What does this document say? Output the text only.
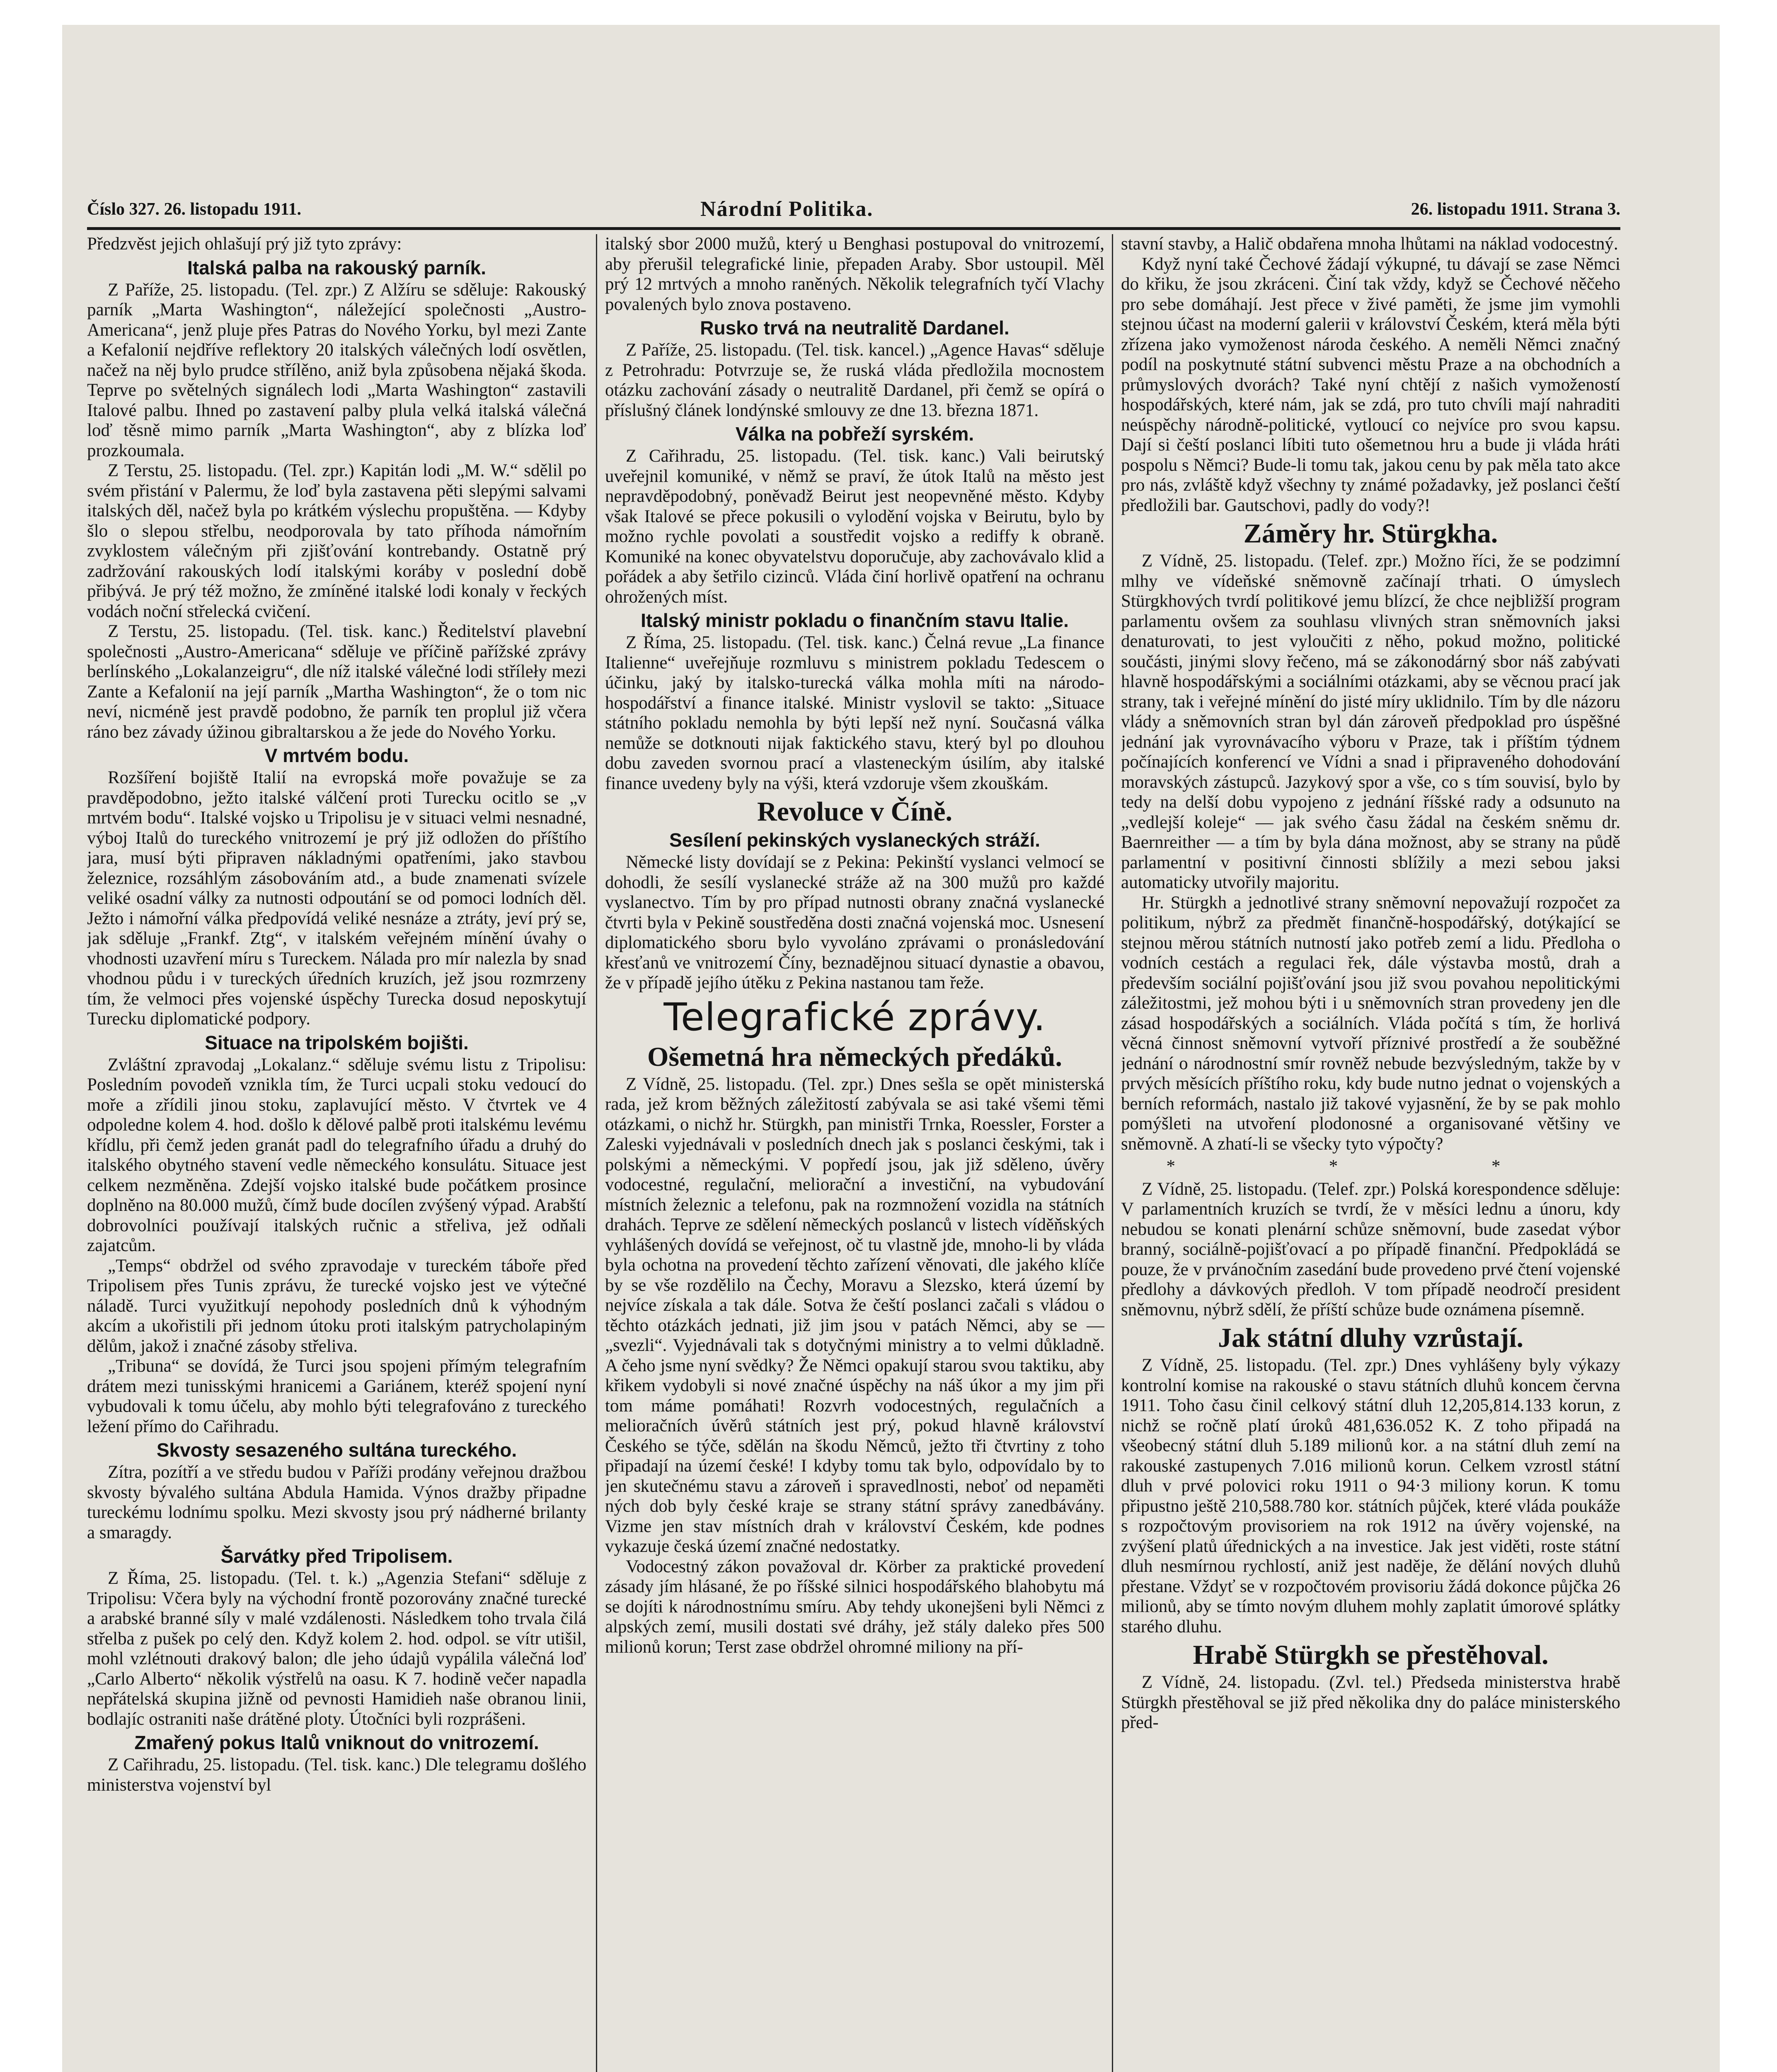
Číslo 327. 26. listopadu 1911.	Národní Politika.	26. listopadu 1911. Strana 3.

Předzvěst jejich ohlašují prý již tyto zprávy:

Italská palba na rakouský parník.

Z Paříže, 25. listopadu. (Tel. zpr.) Z Alžíru se sděluje: Rakouský parník „Marta Washington“, náležející společnosti „Austro-Americana“, jenž pluje přes Patras do Nového Yorku, byl mezi Zante a Kefalonií nejdříve reflektory 20 italských válečných lodí osvětlen, načež na něj bylo prudce střílěno, aniž byla způsobena nějaká škoda. Teprve po světelných signálech lodi „Marta Washington“ zastavili Italové palbu. Ihned po zastavení palby plula velká italská válečná loď těsně mimo parník „Marta Washington“, aby z blízka loď prozkoumala.

Z Terstu, 25. listopadu. (Tel. zpr.) Kapitán lodi „M. W.“ sdělil po svém přistání v Palermu, že loď byla zastavena pěti slepými salvami italských děl, načež byla po krátkém výslechu propuštěna. — Kdyby šlo o slepou střelbu, neodporovala by tato příhoda námořním zvyklostem válečným při zjišťování kontrebandy. Ostatně prý zadržování rakouských lodí italskými koráby v poslední době přibývá. Je prý též možno, že zmíněné italské lodi konaly v řeckých vodách noční střelecká cvičení.

Z Terstu, 25. listopadu. (Tel. tisk. kanc.) Ředitelství plavební společnosti „Austro-Americana“ sděluje ve příčině pařížské zprávy berlínského „Lokalanzeigru“, dle níž italské válečné lodi stříleły mezi Zante a Kefalonií na její parník „Martha Washington“, že o tom nic neví, nicméně jest pravdě podobno, že parník ten proplul již včera ráno bez závady úžinou gibraltarskou a že jede do Nového Yorku.

V mrtvém bodu.

Rozšíření bojiště Italií na evropská moře považuje se za pravděpodobno, ježto italské válčení proti Turecku ocitlo se „v mrtvém bodu“. Italské vojsko u Tripolisu je v situaci velmi nesnadné, výboj Italů do tureckého vnitrozemí je prý již odložen do příštího jara, musí býti připraven nákladnými opatřeními, jako stavbou železnice, rozsáhlým zásobováním atd., a bude znamenati svízele veliké osadní války za nutnosti odpoutání se od pomoci lodních děl. Ježto i námořní válka předpovídá veliké nesnáze a ztráty, jeví prý se, jak sděluje „Frankf. Ztg“, v italském veřejném mínění úvahy o vhodnosti uzavření míru s Tureckem. Nálada pro mír nalezla by snad vhodnou půdu i v tureckých úředních kruzích, jež jsou rozmrzeny tím, že velmoci přes vojenské úspěchy Turecka dosud neposkytují Turecku diplomatické podpory.

Situace na tripolském bojišti.

Zvláštní zpravodaj „Lokalanz.“ sděluje svému listu z Tripolisu: Posledním povodeň vznikla tím, že Turci ucpali stoku vedoucí do moře a zřídili jinou stoku, zaplavující město. V čtvrtek ve 4 odpoledne kolem 4. hod. došlo k dělové palbě proti italskému levému křídlu, při čemž jeden granát padl do telegrafního úřadu a druhý do italského obytného stavení vedle německého konsulátu. Situace jest celkem nezměněna. Zdejší vojsko italské bude počátkem prosince doplněno na 80.000 mužů, čímž bude docílen zvýšený výpad. Arabští dobrovolníci používají italských ručnic a střeliva, jež odňali zajatcům.

„Temps“ obdržel od svého zpravodaje v tureckém táboře před Tripolisem přes Tunis zprávu, že turecké vojsko jest ve výtečné náladě. Turci využitkují nepohody posledních dnů k výhodným akcím a ukořistili při jednom útoku proti italským patrycholapiným dělům, jakož i značné zásoby střeliva.

„Tribuna“ se dovídá, že Turci jsou spojeni přímým telegrafním drátem mezi tunisskými hranicemi a Gariánem, kteréž spojení nyní vybudovali k tomu účelu, aby mohlo býti telegrafováno z tureckého ležení přímo do Cařihradu.

Skvosty sesazeného sultána tureckého.

Zítra, pozítří a ve středu budou v Paříži prodány veřejnou dražbou skvosty bývalého sultána Abdula Hamida. Výnos dražby připadne tureckému lodnímu spolku. Mezi skvosty jsou prý nádherné brilanty a smaragdy.

Šarvátky před Tripolisem.

Z Říma, 25. listopadu. (Tel. t. k.) „Agenzia Stefani“ sděluje z Tripolisu: Včera byly na východní frontě pozorovány značné turecké a arabské branné síly v malé vzdálenosti. Následkem toho trvala čilá střelba z pušek po celý den. Když kolem 2. hod. odpol. se vítr utišil, mohl vzlétnouti drakový balon; dle jeho údajů vypálila válečná loď „Carlo Alberto“ několik výstřelů na oasu. K 7. hodině večer napadla nepřátelská skupina jižně od pevnosti Hamidieh naše obranou linii, bodlajíc ostraniti naše drátěné ploty. Útočníci byli rozprášeni.

Zmařený pokus Italů vniknout do vnitrozemí.

Z Cařihradu, 25. listopadu. (Tel. tisk. kanc.) Dle telegramu došlého ministerstva vojenství byl

italský sbor 2000 mužů, který u Benghasi postupoval do vnitrozemí, aby přerušil telegrafické linie, přepaden Araby. Sbor ustoupil. Měl prý 12 mrtvých a mnoho raněných. Několik telegrafních tyčí Vlachy povalených bylo znova postaveno.

Rusko trvá na neutralitě Dardanel.

Z Paříže, 25. listopadu. (Tel. tisk. kancel.) „Agence Havas“ sděluje z Petrohradu: Potvrzuje se, že ruská vláda předložila mocnostem otázku zachování zásady o neutralitě Dardanel, při čemž se opírá o příslušný článek londýnské smlouvy ze dne 13. března 1871.

Válka na pobřeží syrském.

Z Cařihradu, 25. listopadu. (Tel. tisk. kanc.) Vali beirutský uveřejnil komuniké, v němž se praví, že útok Italů na město jest nepravděpodobný, poněvadž Beirut jest neopevněné město. Kdyby však Italové se přece pokusili o vylodění vojska v Beirutu, bylo by možno rychle povolati a soustředit vojsko a rediffy k obraně. Komuniké na konec obyvatelstvu doporučuje, aby zachovávalo klid a pořádek a aby šetřilo cizinců. Vláda činí horlivě opatření na ochranu ohrožených míst.

Italský ministr pokladu o finančním stavu Italie.

Z Říma, 25. listopadu. (Tel. tisk. kanc.) Čelná revue „La finance Italienne“ uveřejňuje rozmluvu s ministrem pokladu Tedescem o účinku, jaký by italsko-turecká válka mohla míti na národo-hospodářství a finance italské. Ministr vyslovil se takto: „Situace státního pokladu nemohla by býti lepší než nyní. Současná válka nemůže se dotknouti nijak faktického stavu, který byl po dlouhou dobu zaveden svornou prací a vlasteneckým úsilím, aby italské finance uvedeny byly na výši, která vzdoruje všem zkouškám.

Revoluce v Číně.
Sesílení pekinských vyslaneckých stráží.

Německé listy dovídají se z Pekina: Pekinští vyslanci velmocí se dohodli, že sesílí vyslanecké stráže až na 300 mužů pro každé vyslanectvo. Tím by pro případ nutnosti obrany značná vyslanecké čtvrti byla v Pekině soustředěna dosti značná vojenská moc. Usnesení diplomatického sboru bylo vyvoláno zprávami o pronásledování křesťanů ve vnitrozemí Číny, beznadějnou situací dynastie a obavou, že v případě jejího útěku z Pekina nastanou tam řeže.

Telegrafické zprávy.
Ošemetná hra německých předáků.

Z Vídně, 25. listopadu. (Tel. zpr.) Dnes sešla se opět ministerská rada, jež krom běžných záležitostí zabývala se asi také všemi těmi otázkami, o nichž hr. Stürgkh, pan ministři Trnka, Roessler, Forster a Zaleski vyjednávali v posledních dnech jak s poslanci českými, tak i polskými a německými. V popředí jsou, jak již sděleno, úvěry vodocestné, regulační, meliorační a investiční, na vybudování místních železnic a telefonu, pak na rozmnožení vozidla na státních drahách. Teprve ze sdělení německých poslanců v listech víděňských vyhlášených dovídá se veřejnost, oč tu vlastně jde, mnoho-li by vláda byla ochotna na provedení těchto zařízení věnovati, dle jakého klíče by se vše rozdělilo na Čechy, Moravu a Slezsko, která území by nejvíce získala a tak dále. Sotva že čeští poslanci začali s vládou o těchto otázkách jednati, již jim jsou v patách Němci, aby se — „svezli“. Vyjednávali tak s dotyčnými ministry a to velmi důkladně. A čeho jsme nyní svědky? Že Němci opakují starou svou taktiku, aby křikem vydobyli si nové značné úspěchy na náš úkor a my jim při tom máme pomáhati! Rozvrh vodocestných, regulačních a melioračních úvěrů státních jest prý, pokud hlavně království Českého se týče, sdělán na škodu Němců, ježto tři čtvrtiny z toho připadají na území české! I kdyby tomu tak bylo, odpovídalo by to jen skutečnému stavu a zároveň i spravedlnosti, neboť od nepaměti ných dob byly české kraje se strany státní správy zanedbávány. Vizme jen stav místních drah v království Českém, kde podnes vykazuje česká území značné nedostatky.

Vodocestný zákon považoval dr. Körber za praktické provedení zásady jím hlásané, že po říšské silnici hospodářského blahobytu má se dojíti k národnostnímu smíru. Aby tehdy ukonejšeni byli Němci z alpských zemí, musili dostati své dráhy, jež stály daleko přes 500 milionů korun; Terst zase obdržel ohromné miliony na pří-

stavní stavby, a Halič obdařena mnoha lhůtami na náklad vodocestný.

Když nyní také Čechové žádají výkupné, tu dávají se zase Němci do křiku, že jsou zkráceni. Činí tak vždy, když se Čechové něčeho pro sebe domáhají. Jest přece v živé paměti, že jsme jim vymohli stejnou účast na moderní galerii v království Českém, která měla býti zřízena jako vymoženost národa českého. A neměli Němci značný podíl na poskytnuté státní subvenci městu Praze a na obchodních a průmyslových dvorách? Také nyní chtějí z našich vymožeností hospodářských, které nám, jak se zdá, pro tuto chvíli mají nahraditi neúspěchy národně-politické, vytloucí co nejvíce pro svou kapsu. Dají si čeští poslanci líbiti tuto ošemetnou hru a bude ji vláda hráti pospolu s Němci? Bude-li tomu tak, jakou cenu by pak měla tato akce pro nás, zvláště když všechny ty známé požadavky, jež poslanci čeští předložili bar. Gautschovi, padly do vody?!

Záměry hr. Stürgkha.

Z Vídně, 25. listopadu. (Telef. zpr.) Možno říci, že se podzimní mlhy ve vídeňské sněmovně začínají trhati. O úmyslech Stürgkhových tvrdí politikové jemu blízcí, že chce nejbližší program parlamentu ovšem za souhlasu vlivných stran sněmovních jaksi denaturovati, to jest vyloučiti z něho, pokud možno, politické součásti, jinými slovy řečeno, má se zákonodárný sbor náš zabývati hlavně hospodářskými a sociálními otázkami, aby se věcnou prací jak strany, tak i veřejné mínění do jisté míry uklidnilo. Tím by dle názoru vlády a sněmovních stran byl dán zároveň předpoklad pro úspěšné jednání jak vyrovnávacího výboru v Praze, tak i příštím týdnem počínajících konferencí ve Vídni a snad i připraveného dohodování moravských zástupců. Jazykový spor a vše, co s tím souvisí, bylo by tedy na delší dobu vypojeno z jednání říšské rady a odsunuto na „vedlejší koleje“ — jak svého času žádal na českém sněmu dr. Baernreither — a tím by byla dána možnost, aby se strany na půdě parlamentní v positivní činnosti sblížily a mezi sebou jaksi automaticky utvořily majoritu.

Hr. Stürgkh a jednotlivé strany sněmovní nepovažují rozpočet za politikum, nýbrž za předmět finančně-hospodářský, dotýkající se stejnou měrou státních nutností jako potřeb zemí a lidu. Předloha o vodních cestách a regulaci řek, dále výstavba mostů, drah a především sociální pojišťování jsou již svou povahou nepolitickými záležitostmi, jež mohou býti i u sněmovních stran provedeny jen dle zásad hospodářských a sociálních. Vláda počítá s tím, že horlivá věcná činnost sněmovní vytvoří příznivé prostředí a že souběžné jednání o národnostní smír rovněž nebude bezvýsledným, takže by v prvých měsících příštího roku, kdy bude nutno jednat o vojenských a berních reformách, nastalo již takové vyjasnění, že by se pak mohlo pomýšleti na utvoření plodonosné a organisované většiny ve sněmovně. A zhatí-li se všecky tyto výpočty?

* * *

Z Vídně, 25. listopadu. (Telef. zpr.) Polská korespondence sděluje: V parlamentních kruzích se tvrdí, že v měsíci lednu a únoru, kdy nebudou se konati plenární schůze sněmovní, bude zasedat výbor branný, sociálně-pojišťovací a po případě finanční. Předpokládá se pouze, že v prvánočním zasedání bude provedeno prvé čtení vojenské předlohy a dávkových předloh. V tom případě neodročí president sněmovnu, nýbrž sdělí, že příští schůze bude oznámena písemně.

Jak státní dluhy vzrůstají.

Z Vídně, 25. listopadu. (Tel. zpr.) Dnes vyhlášeny byly výkazy kontrolní komise na rakouské o stavu státních dluhů koncem června 1911. Toho času činil celkový státní dluh 12,205,814.133 korun, z nichž se ročně platí úroků 481,636.052 K. Z toho připadá na všeobecný státní dluh 5.189 milionů kor. a na státní dluh zemí na rakouské zastupenych 7.016 milionů korun. Celkem vzrostl státní dluh v prvé polovici roku 1911 o 94·3 miliony korun. K tomu připustno ještě 210,588.780 kor. státních půjček, které vláda poukáže s rozpočtovým provisoriem na rok 1912 na úvěry vojenské, na zvýšení platů úřednických a na investice. Jak jest viděti, roste státní dluh nesmírnou rychlostí, aniž jest naděje, že dělání nových dluhů přestane. Vždyť se v rozpočtovém provisoriu žádá dokonce půjčka 26 milionů, aby se tímto novým dluhem mohly zaplatit úmorové splátky starého dluhu.

Hrabě Stürgkh se přestěhoval.

Z Vídně, 24. listopadu. (Zvl. tel.) Předseda ministerstva hrabě Stürgkh přestěhoval se již před několika dny do paláce ministerského před-
